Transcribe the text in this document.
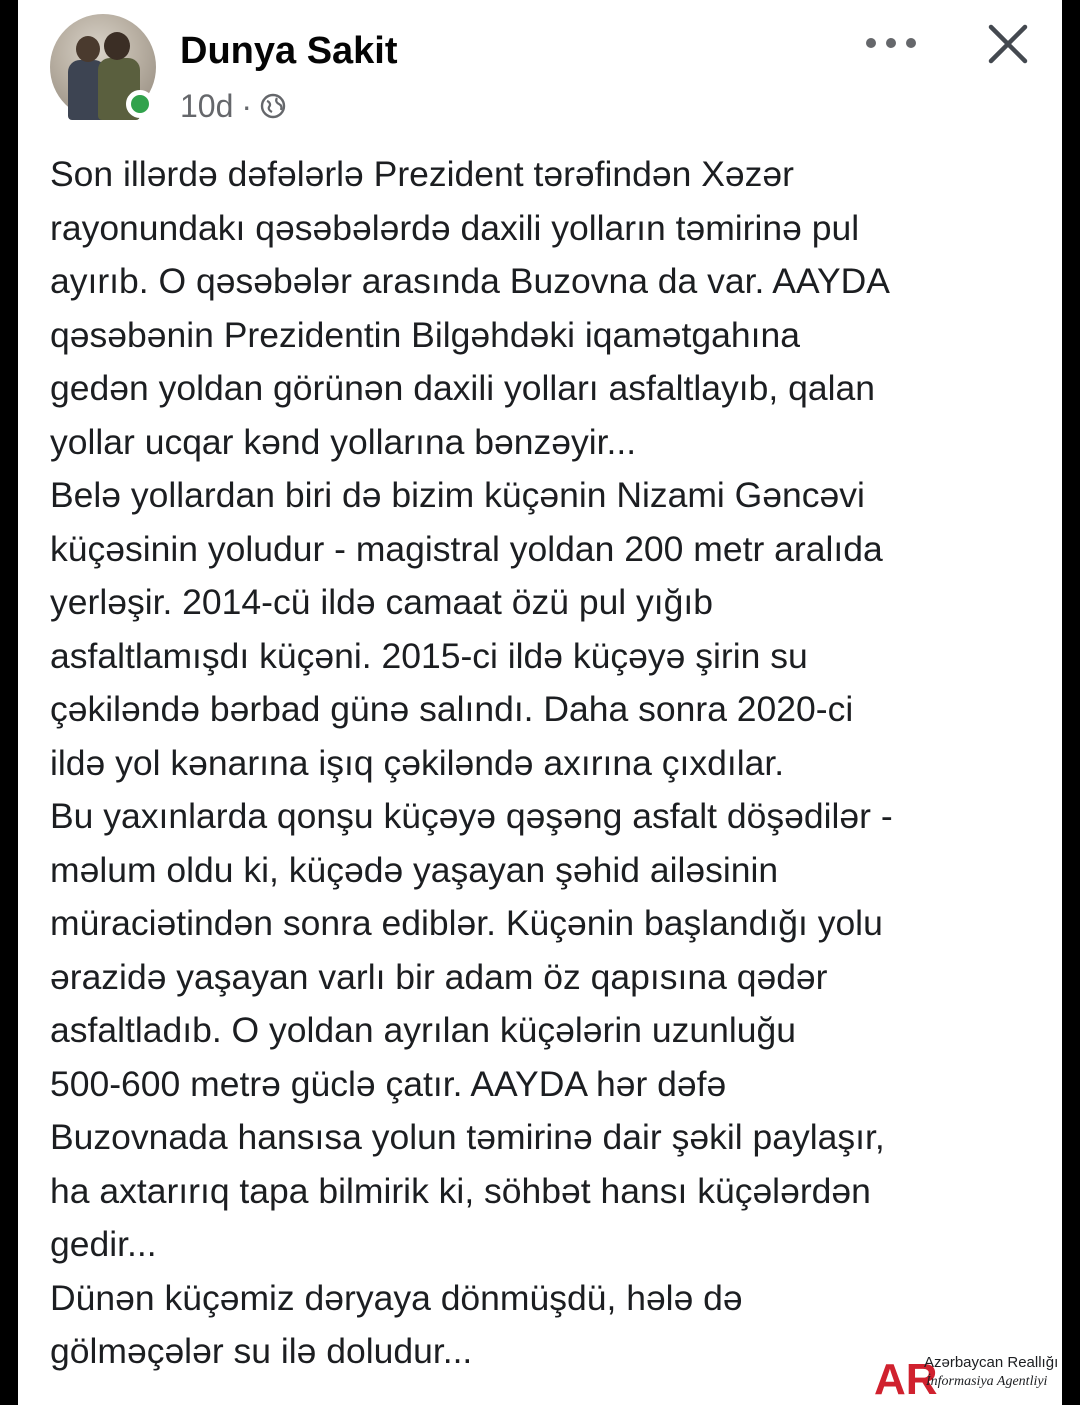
Dunya Sakit
10d ·

Son illərdə dəfələrlə Prezident tərəfindən Xəzər

rayonundakı qəsəbələrdə daxili yolların təmirinə pul

ayırıb. O qəsəbələr arasında Buzovna da var. AAYDA

qəsəbənin Prezidentin Bilgəhdəki iqamətgahına

gedən yoldan görünən daxili yolları asfaltlayıb, qalan

yollar ucqar kənd yollarına bənzəyir...

Belə yollardan biri də bizim küçənin Nizami Gəncəvi

küçəsinin yoludur - magistral yoldan 200 metr aralıda

yerləşir. 2014-cü ildə camaat özü pul yığıb

asfaltlamışdı küçəni. 2015-ci ildə küçəyə şirin su

çəkiləndə bərbad günə salındı. Daha sonra 2020-ci

ildə yol kənarına işıq çəkiləndə axırına çıxdılar.

Bu yaxınlarda qonşu küçəyə qəşəng asfalt döşədilər -

məlum oldu ki, küçədə yaşayan şəhid ailəsinin

müraciətindən sonra ediblər. Küçənin başlandığı yolu

ərazidə yaşayan varlı bir adam öz qapısına qədər

asfaltladıb. O yoldan ayrılan küçələrin uzunluğu

500-600 metrə güclə çatır. AAYDA hər dəfə

Buzovnada hansısa yolun təmirinə dair şəkil paylaşır,

ha axtarırıq tapa bilmirik ki, söhbət hansı küçələrdən

gedir...

Dünən küçəmiz dəryaya dönmüşdü, hələ də

gölməçələr su ilə doludur...

AR
Azərbaycan Reallığı
İnformasiya Agentliyi
